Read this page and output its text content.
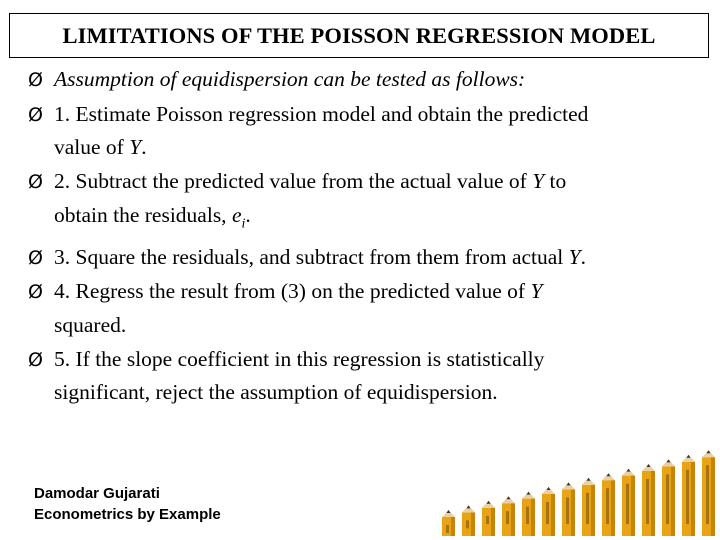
LIMITATIONS OF THE POISSON REGRESSION MODEL
Ø Assumption of equidispersion can be tested as follows:
Ø 1. Estimate Poisson regression model and obtain the predicted
value of Y.
Ø 2. Subtract the predicted value from the actual value of Y to
obtain the residuals, $e_i$.
Ø 3. Square the residuals, and subtract from them from actual Y.
Ø 4. Regress the result from (3) on the predicted value of Y
squared.
Ø 5. If the slope coefficient in this regression is statistically
significant, reject the assumption of equidispersion.
Damodar Gujarati
Econometrics by Example
